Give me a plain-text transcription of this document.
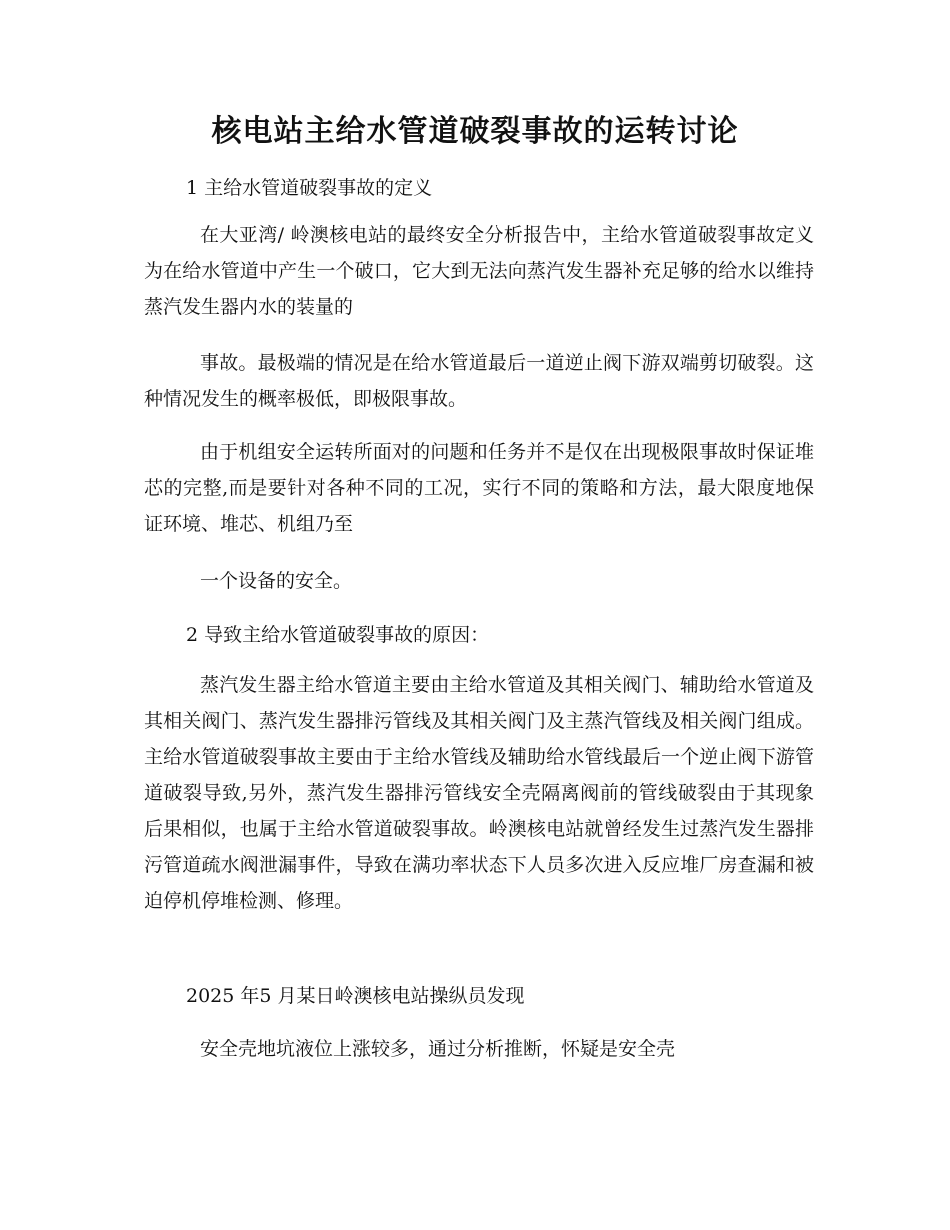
核电站主给水管道破裂事故的运转讨论

1 主给水管道破裂事故的定义

在大亚湾/ 岭澳核电站的最终安全分析报告中，主给水管道破裂事故定义为在给水管道中产生一个破口，它大到无法向蒸汽发生器补充足够的给水以维持蒸汽发生器内水的装量的

事故。最极端的情况是在给水管道最后一道逆止阀下游双端剪切破裂。这种情况发生的概率极低，即极限事故。

由于机组安全运转所面对的问题和任务并不是仅在出现极限事故时保证堆芯的完整,而是要针对各种不同的工况，实行不同的策略和方法，最大限度地保证环境、堆芯、机组乃至

一个设备的安全。

2 导致主给水管道破裂事故的原因：

蒸汽发生器主给水管道主要由主给水管道及其相关阀门、辅助给水管道及其相关阀门、蒸汽发生器排污管线及其相关阀门及主蒸汽管线及相关阀门组成。主给水管道破裂事故主要由于主给水管线及辅助给水管线最后一个逆止阀下游管道破裂导致,另外，蒸汽发生器排污管线安全壳隔离阀前的管线破裂由于其现象后果相似，也属于主给水管道破裂事故。岭澳核电站就曾经发生过蒸汽发生器排污管道疏水阀泄漏事件，导致在满功率状态下人员多次进入反应堆厂房查漏和被迫停机停堆检测、修理。

2025 年5 月某日岭澳核电站操纵员发现

安全壳地坑液位上涨较多，通过分析推断，怀疑是安全壳
